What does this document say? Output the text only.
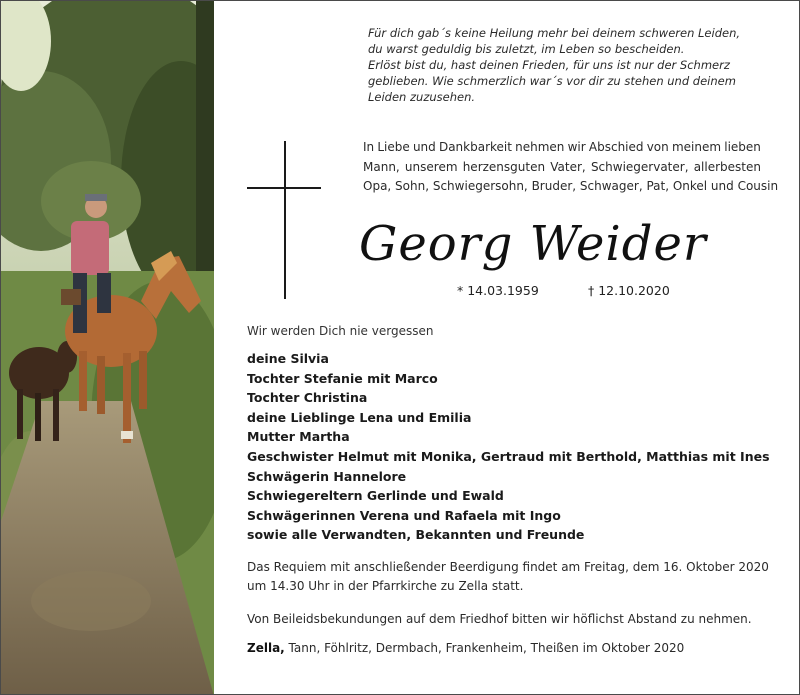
Für dich gab´s keine Heilung mehr bei deinem schweren Leiden,
du warst geduldig bis zuletzt, im Leben so bescheiden.
Erlöst bist du, hast deinen Frieden, für uns ist nur der Schmerz
geblieben. Wie schmerzlich war´s vor dir zu stehen und deinem
Leiden zuzusehen.
In Liebe und Dankbarkeit nehmen wir Abschied von meinem lieben
Mann, unserem herzensguten Vater, Schwiegervater, allerbesten
Opa, Sohn, Schwiegersohn, Bruder, Schwager, Pat, Onkel und Cousin
Georg Weider
* 14.03.1959	† 12.10.2020
Wir werden Dich nie vergessen
deine Silvia
Tochter Stefanie mit Marco
Tochter Christina
deine Lieblinge Lena und Emilia
Mutter Martha
Geschwister Helmut mit Monika, Gertraud mit Berthold, Matthias mit Ines
Schwägerin Hannelore
Schwiegereltern Gerlinde und Ewald
Schwägerinnen Verena und Rafaela mit Ingo
sowie alle Verwandten, Bekannten und Freunde
Das Requiem mit anschließender Beerdigung findet am Freitag, dem 16. Oktober 2020
um 14.30 Uhr in der Pfarrkirche zu Zella statt.
Von Beileidsbekundungen auf dem Friedhof bitten wir höflichst Abstand zu nehmen.
Zella, Tann, Föhlritz, Dermbach, Frankenheim, Theißen im Oktober 2020
